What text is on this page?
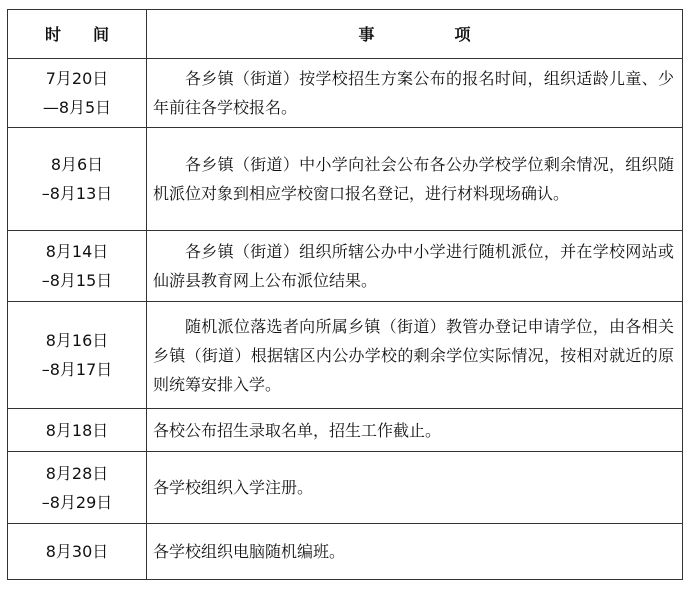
时间	事项

7月20日
—8月5日	各乡镇（街道）按学校招生方案公布的报名时间，组织适龄儿童、少年前往各学校报名。

8月6日
–8月13日	各乡镇（街道）中小学向社会公布各公办学校学位剩余情况，组织随机派位对象到相应学校窗口报名登记，进行材料现场确认。

8月14日
–8月15日	各乡镇（街道）组织所辖公办中小学进行随机派位，并在学校网站或仙游县教育网上公布派位结果。

8月16日
–8月17日	随机派位落选者向所属乡镇（街道）教管办登记申请学位，由各相关乡镇（街道）根据辖区内公办学校的剩余学位实际情况，按相对就近的原则统筹安排入学。

8月18日	各校公布招生录取名单，招生工作截止。

8月28日
–8月29日	各学校组织入学注册。

8月30日	各学校组织电脑随机编班。
